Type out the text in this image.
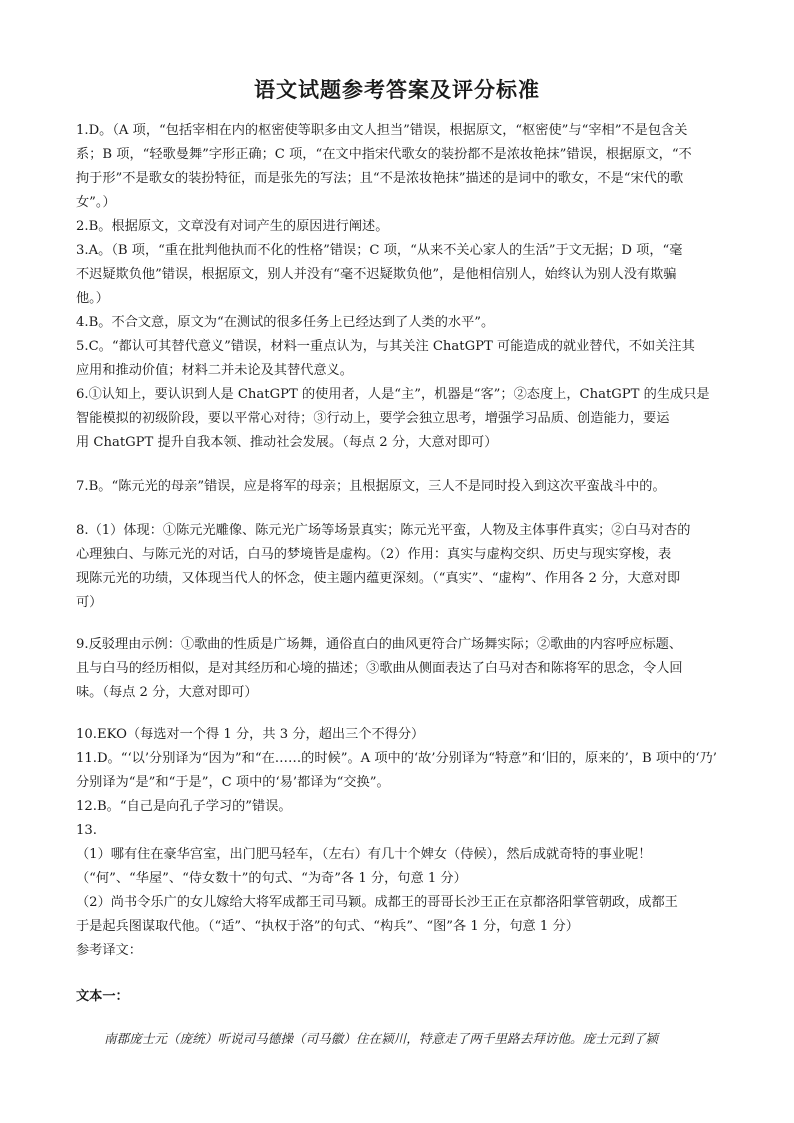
语文试题参考答案及评分标准
1.D。（A 项，“包括宰相在内的枢密使等职多由文人担当”错误，根据原文，“枢密使”与“宰相”不是包含关
系；B 项，“轻歌曼舞”字形正确；C 项，“在文中指宋代歌女的装扮都不是浓妆艳抹”错误，根据原文，“不
拘于形”不是歌女的装扮特征，而是张先的写法；且“不是浓妆艳抹”描述的是词中的歌女，不是“宋代的歌
女”。）
2.B。根据原文，文章没有对词产生的原因进行阐述。
3.A。（B 项，“重在批判他执而不化的性格”错误；C 项，“从来不关心家人的生活”于文无据；D 项，“毫
不迟疑欺负他”错误，根据原文，别人并没有“毫不迟疑欺负他”，是他相信别人，始终认为别人没有欺骗
他。）
4.B。不合文意，原文为“在测试的很多任务上已经达到了人类的水平”。
5.C。“都认可其替代意义”错误，材料一重点认为，与其关注 ChatGPT 可能造成的就业替代，不如关注其
应用和推动价值；材料二并未论及其替代意义。
6.①认知上，要认识到人是 ChatGPT 的使用者，人是“主”，机器是“客”；②态度上，ChatGPT 的生成只是
智能模拟的初级阶段，要以平常心对待；③行动上，要学会独立思考，增强学习品质、创造能力，要运
用 ChatGPT 提升自我本领、推动社会发展。（每点 2 分，大意对即可）
7.B。“陈元光的母亲”错误，应是将军的母亲；且根据原文，三人不是同时投入到这次平蛮战斗中的。
8.（1）体现：①陈元光雕像、陈元光广场等场景真实；陈元光平蛮，人物及主体事件真实；②白马对杏的
心理独白、与陈元光的对话，白马的梦境皆是虚构。（2）作用：真实与虚构交织、历史与现实穿梭，表
现陈元光的功绩，又体现当代人的怀念，使主题内蕴更深刻。（“真实”、“虚构”、作用各 2 分，大意对即
可）
9.反驳理由示例：①歌曲的性质是广场舞，通俗直白的曲风更符合广场舞实际；②歌曲的内容呼应标题、
且与白马的经历相似，是对其经历和心境的描述；③歌曲从侧面表达了白马对杏和陈将军的思念，令人回
味。（每点 2 分，大意对即可）
10.EKO（每选对一个得 1 分，共 3 分，超出三个不得分）
11.D。“‘以’分别译为“因为”和“在……的时候”。A 项中的‘故’分别译为“特意”和‘旧的，原来的’，B 项中的‘乃’
分别译为“是”和“于是”，C 项中的‘易’都译为“交换”。
12.B。“自己是向孔子学习的”错误。
13.
（1）哪有住在豪华宫室，出门肥马轻车，（左右）有几十个婢女（侍候），然后成就奇特的事业呢！
（“何”、“华屋”、“侍女数十”的句式、“为奇”各 1 分，句意 1 分）
（2）尚书令乐广的女儿嫁给大将军成都王司马颖。成都王的哥哥长沙王正在京都洛阳掌管朝政，成都王
于是起兵图谋取代他。（“适”、“执权于洛”的句式、“构兵”、“图”各 1 分，句意 1 分）
参考译文：
文本一：
南郡庞士元（庞统）听说司马德操（司马徽）住在颍川，特意走了两千里路去拜访他。庞士元到了颍
